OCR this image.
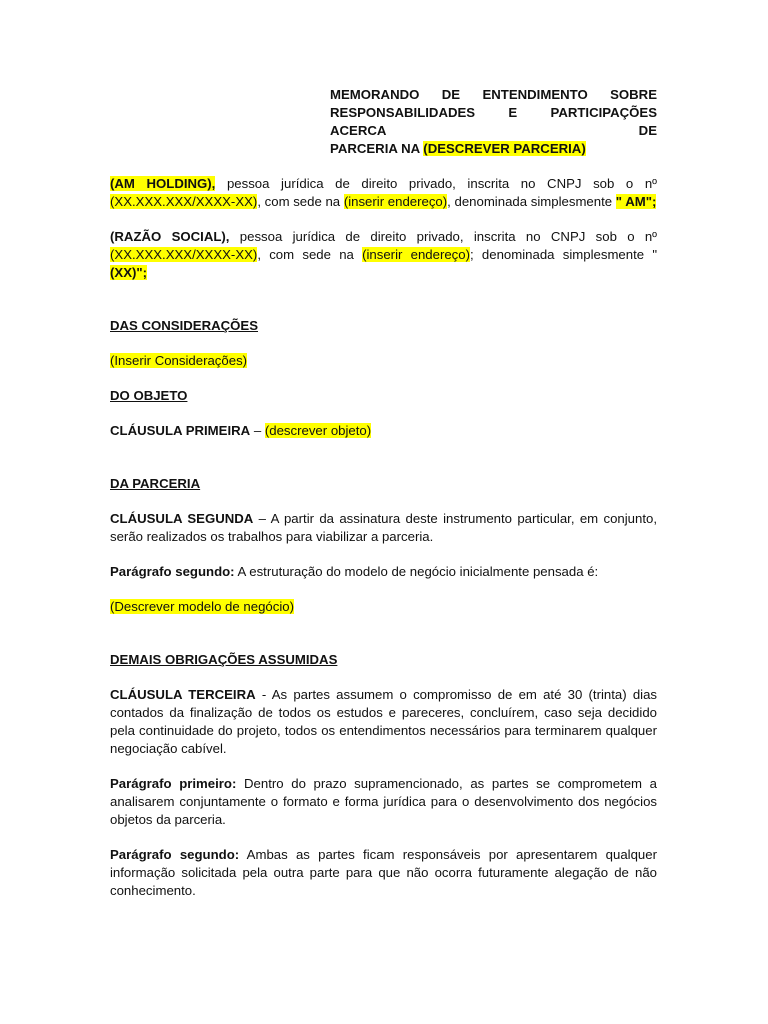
MEMORANDO DE ENTENDIMENTO SOBRE
RESPONSABILIDADES E PARTICIPAÇÕES ACERCA DE
PARCERIA NA (DESCREVER PARCERIA)

(AM HOLDING), pessoa jurídica de direito privado, inscrita no CNPJ sob o nº (XX.XXX.XXX/XXXX-XX), com sede na (inserir endereço), denominada simplesmente " AM";

(RAZÃO SOCIAL), pessoa jurídica de direito privado, inscrita no CNPJ sob o nº (XX.XXX.XXX/XXXX-XX), com sede na (inserir endereço); denominada simplesmente " (XX)";

DAS CONSIDERAÇÕES

(Inserir Considerações)

DO OBJETO

CLÁUSULA PRIMEIRA – (descrever objeto)

DA PARCERIA

CLÁUSULA SEGUNDA – A partir da assinatura deste instrumento particular, em conjunto, serão realizados os trabalhos para viabilizar a parceria.

Parágrafo segundo: A estruturação do modelo de negócio inicialmente pensada é:

(Descrever modelo de negócio)

DEMAIS OBRIGAÇÕES ASSUMIDAS

CLÁUSULA TERCEIRA - As partes assumem o compromisso de em até 30 (trinta) dias contados da finalização de todos os estudos e pareceres, concluírem, caso seja decidido pela continuidade do projeto, todos os entendimentos necessários para terminarem qualquer negociação cabível.

Parágrafo primeiro: Dentro do prazo supramencionado, as partes se comprometem a analisarem conjuntamente o formato e forma jurídica para o desenvolvimento dos negócios objetos da parceria.

Parágrafo segundo: Ambas as partes ficam responsáveis por apresentarem qualquer informação solicitada pela outra parte para que não ocorra futuramente alegação de não conhecimento.
